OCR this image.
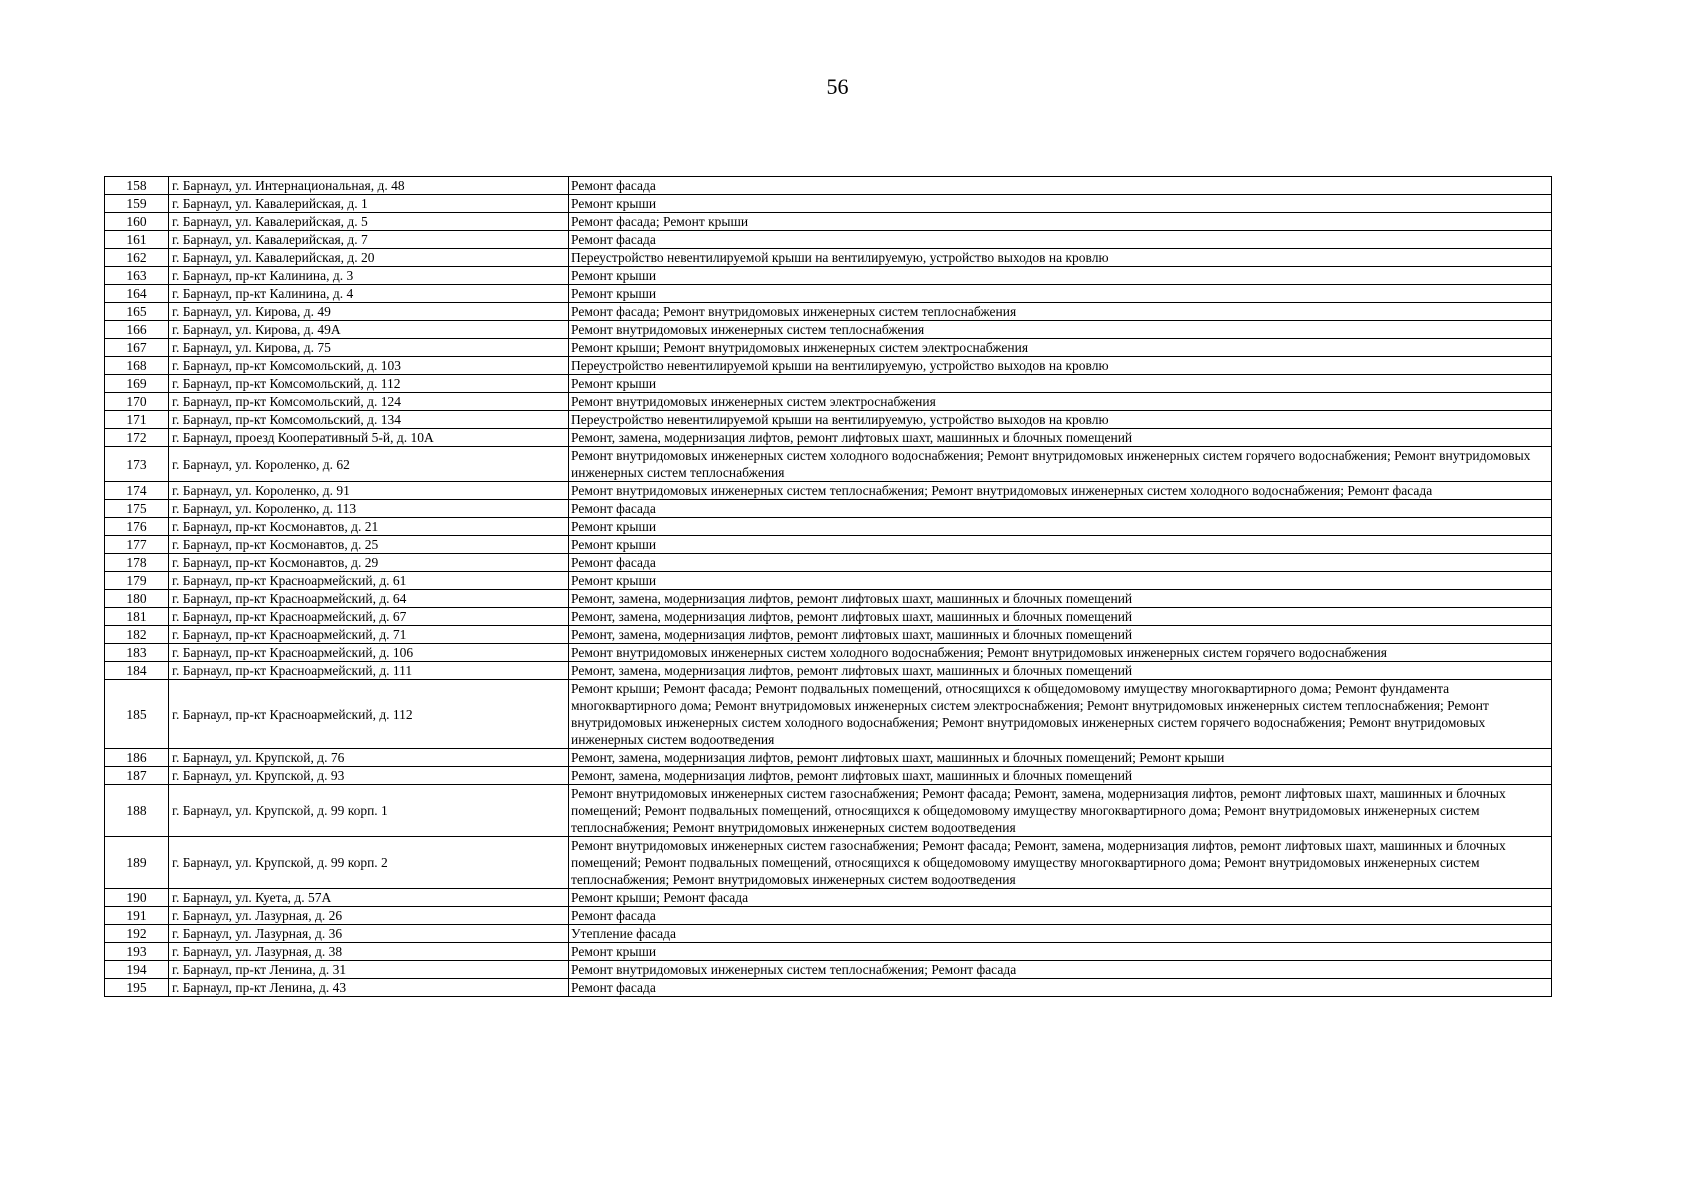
56
158	г. Барнаул, ул. Интернациональная, д. 48	Ремонт фасада
159	г. Барнаул, ул. Кавалерийская, д. 1	Ремонт крыши
160	г. Барнаул, ул. Кавалерийская, д. 5	Ремонт фасада; Ремонт крыши
161	г. Барнаул, ул. Кавалерийская, д. 7	Ремонт фасада
162	г. Барнаул, ул. Кавалерийская, д. 20	Переустройство невентилируемой крыши на вентилируемую, устройство выходов на кровлю
163	г. Барнаул, пр-кт Калинина, д. 3	Ремонт крыши
164	г. Барнаул, пр-кт Калинина, д. 4	Ремонт крыши
165	г. Барнаул, ул. Кирова, д. 49	Ремонт фасада; Ремонт внутридомовых инженерных систем теплоснабжения
166	г. Барнаул, ул. Кирова, д. 49А	Ремонт внутридомовых инженерных систем теплоснабжения
167	г. Барнаул, ул. Кирова, д. 75	Ремонт крыши; Ремонт внутридомовых инженерных систем электроснабжения
168	г. Барнаул, пр-кт Комсомольский, д. 103	Переустройство невентилируемой крыши на вентилируемую, устройство выходов на кровлю
169	г. Барнаул, пр-кт Комсомольский, д. 112	Ремонт крыши
170	г. Барнаул, пр-кт Комсомольский, д. 124	Ремонт внутридомовых инженерных систем электроснабжения
171	г. Барнаул, пр-кт Комсомольский, д. 134	Переустройство невентилируемой крыши на вентилируемую, устройство выходов на кровлю
172	г. Барнаул, проезд Кооперативный 5-й, д. 10А	Ремонт, замена, модернизация лифтов, ремонт лифтовых шахт, машинных и блочных помещений
173	г. Барнаул, ул. Короленко, д. 62	Ремонт внутридомовых инженерных систем холодного водоснабжения; Ремонт внутридомовых инженерных систем горячего водоснабжения; Ремонт внутридомовых инженерных систем теплоснабжения
174	г. Барнаул, ул. Короленко, д. 91	Ремонт внутридомовых инженерных систем теплоснабжения; Ремонт внутридомовых инженерных систем холодного водоснабжения; Ремонт фасада
175	г. Барнаул, ул. Короленко, д. 113	Ремонт фасада
176	г. Барнаул, пр-кт Космонавтов, д. 21	Ремонт крыши
177	г. Барнаул, пр-кт Космонавтов, д. 25	Ремонт крыши
178	г. Барнаул, пр-кт Космонавтов, д. 29	Ремонт фасада
179	г. Барнаул, пр-кт Красноармейский, д. 61	Ремонт крыши
180	г. Барнаул, пр-кт Красноармейский, д. 64	Ремонт, замена, модернизация лифтов, ремонт лифтовых шахт, машинных и блочных помещений
181	г. Барнаул, пр-кт Красноармейский, д. 67	Ремонт, замена, модернизация лифтов, ремонт лифтовых шахт, машинных и блочных помещений
182	г. Барнаул, пр-кт Красноармейский, д. 71	Ремонт, замена, модернизация лифтов, ремонт лифтовых шахт, машинных и блочных помещений
183	г. Барнаул, пр-кт Красноармейский, д. 106	Ремонт внутридомовых инженерных систем холодного водоснабжения; Ремонт внутридомовых инженерных систем горячего водоснабжения
184	г. Барнаул, пр-кт Красноармейский, д. 111	Ремонт, замена, модернизация лифтов, ремонт лифтовых шахт, машинных и блочных помещений
185	г. Барнаул, пр-кт Красноармейский, д. 112	Ремонт крыши; Ремонт фасада; Ремонт подвальных помещений, относящихся к общедомовому имуществу многоквартирного дома; Ремонт фундамента многоквартирного дома; Ремонт внутридомовых инженерных систем электроснабжения; Ремонт внутридомовых инженерных систем теплоснабжения; Ремонт внутридомовых инженерных систем холодного водоснабжения; Ремонт внутридомовых инженерных систем горячего водоснабжения; Ремонт внутридомовых инженерных систем водоотведения
186	г. Барнаул, ул. Крупской, д. 76	Ремонт, замена, модернизация лифтов, ремонт лифтовых шахт, машинных и блочных помещений; Ремонт крыши
187	г. Барнаул, ул. Крупской, д. 93	Ремонт, замена, модернизация лифтов, ремонт лифтовых шахт, машинных и блочных помещений
188	г. Барнаул, ул. Крупской, д. 99 корп. 1	Ремонт внутридомовых инженерных систем газоснабжения; Ремонт фасада; Ремонт, замена, модернизация лифтов, ремонт лифтовых шахт, машинных и блочных помещений; Ремонт подвальных помещений, относящихся к общедомовому имуществу многоквартирного дома; Ремонт внутридомовых инженерных систем теплоснабжения; Ремонт внутридомовых инженерных систем водоотведения
189	г. Барнаул, ул. Крупской, д. 99 корп. 2	Ремонт внутридомовых инженерных систем газоснабжения; Ремонт фасада; Ремонт, замена, модернизация лифтов, ремонт лифтовых шахт, машинных и блочных помещений; Ремонт подвальных помещений, относящихся к общедомовому имуществу многоквартирного дома; Ремонт внутридомовых инженерных систем теплоснабжения; Ремонт внутридомовых инженерных систем водоотведения
190	г. Барнаул, ул. Куета, д. 57А	Ремонт крыши; Ремонт фасада
191	г. Барнаул, ул. Лазурная, д. 26	Ремонт фасада
192	г. Барнаул, ул. Лазурная, д. 36	Утепление фасада
193	г. Барнаул, ул. Лазурная, д. 38	Ремонт крыши
194	г. Барнаул, пр-кт Ленина, д. 31	Ремонт внутридомовых инженерных систем теплоснабжения; Ремонт фасада
195	г. Барнаул, пр-кт Ленина, д. 43	Ремонт фасада
